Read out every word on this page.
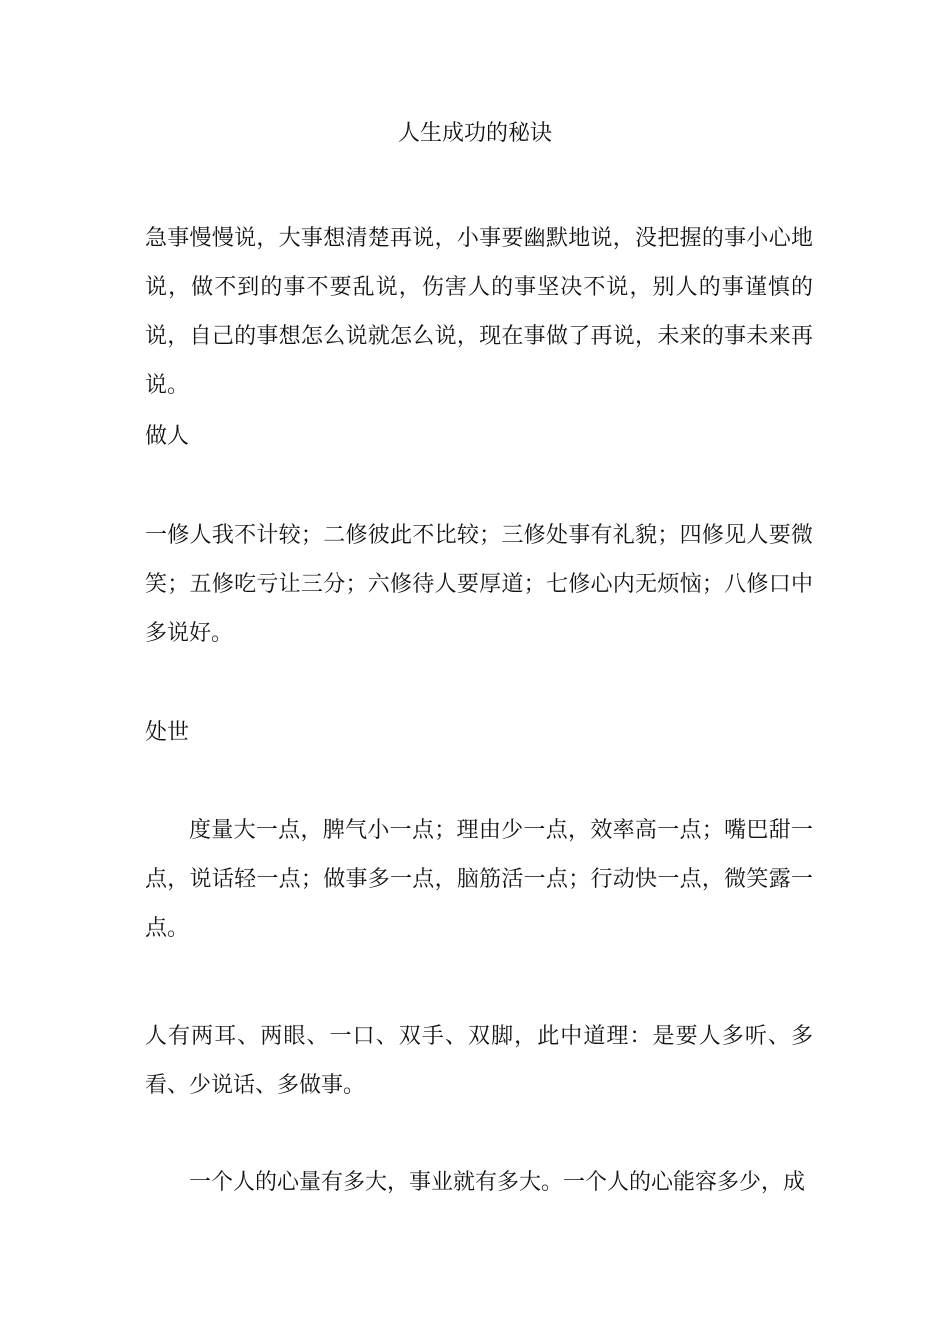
人生成功的秘诀
急事慢慢说，大事想清楚再说，小事要幽默地说，没把握的事小心地说，做不到的事不要乱说，伤害人的事坚决不说，别人的事谨慎的说，自己的事想怎么说就怎么说，现在事做了再说，未来的事未来再说。
做人
一修人我不计较；二修彼此不比较；三修处事有礼貌；四修见人要微笑；五修吃亏让三分；六修待人要厚道；七修心内无烦恼；八修口中多说好。
处世
度量大一点，脾气小一点；理由少一点，效率高一点；嘴巴甜一点，说话轻一点；做事多一点，脑筋活一点；行动快一点，微笑露一点。
人有两耳、两眼、一口、双手、双脚，此中道理：是要人多听、多看、少说话、多做事。
一个人的心量有多大，事业就有多大。一个人的心能容多少，成
